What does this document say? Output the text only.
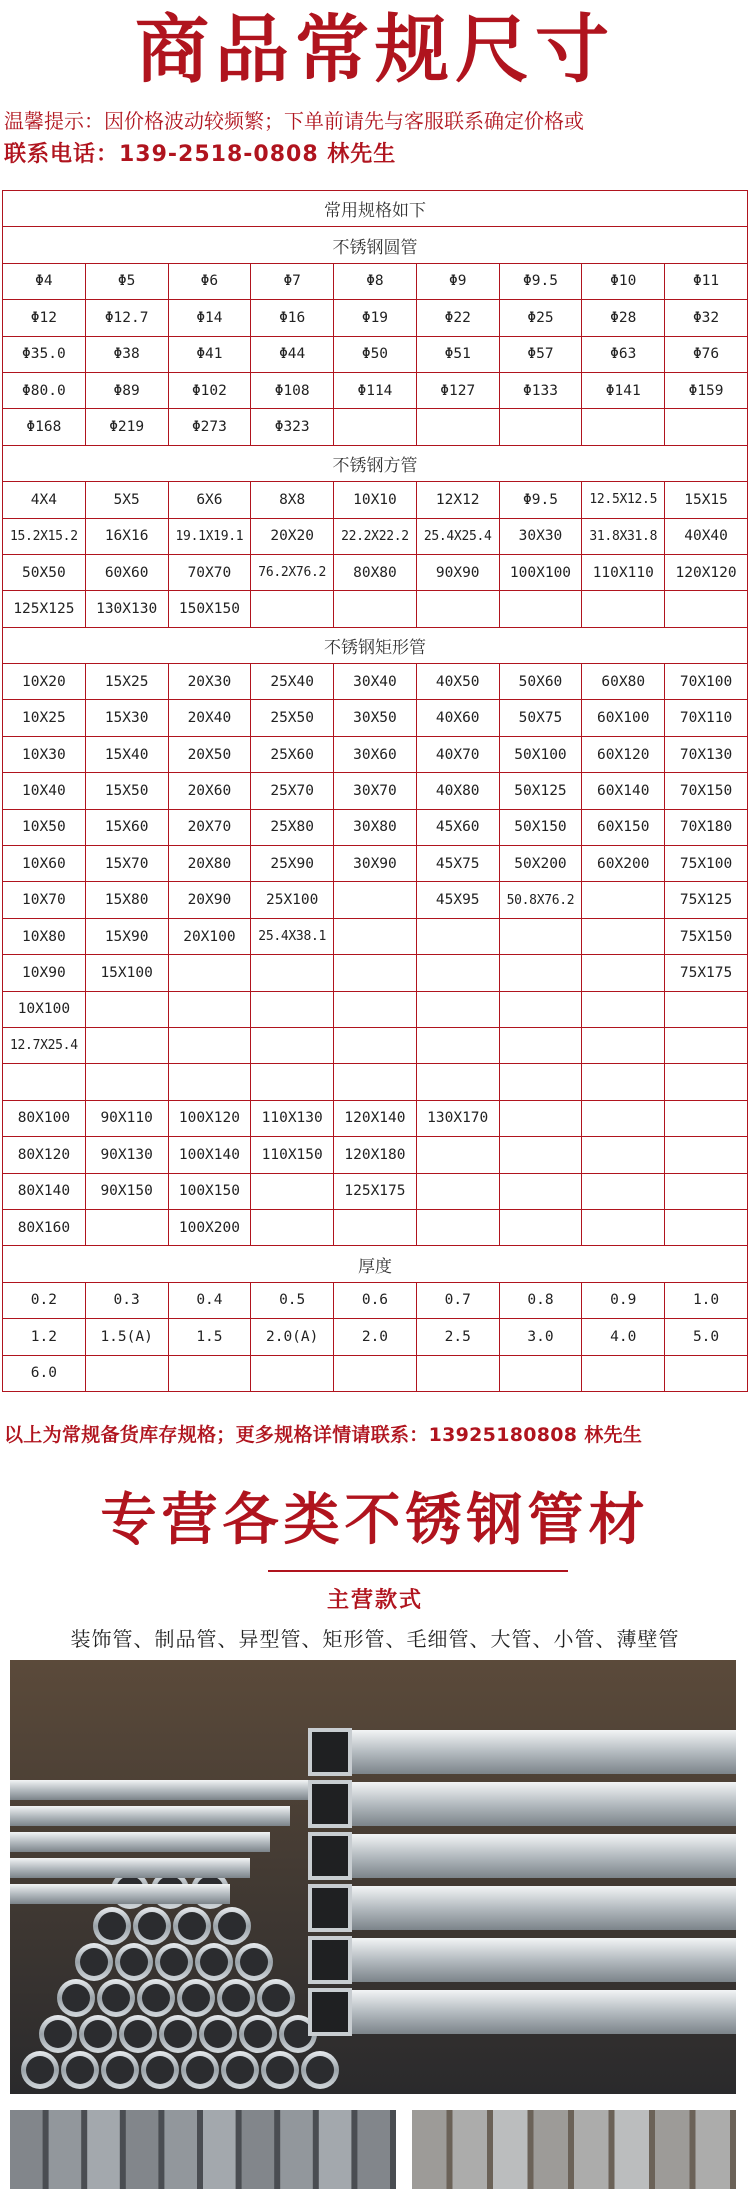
商品常规尺寸
温馨提示：因价格波动较频繁；下单前请先与客服联系确定价格或
联系电话：139-2518-0808 林先生
常用规格如下								
不锈钢圆管								
Φ4	Φ5	Φ6	Φ7	Φ8	Φ9	Φ9.5	Φ10	Φ11
Φ12	Φ12.7	Φ14	Φ16	Φ19	Φ22	Φ25	Φ28	Φ32
Φ35.0	Φ38	Φ41	Φ44	Φ50	Φ51	Φ57	Φ63	Φ76
Φ80.0	Φ89	Φ102	Φ108	Φ114	Φ127	Φ133	Φ141	Φ159
Φ168	Φ219	Φ273	Φ323					
不锈钢方管								
4X4	5X5	6X6	8X8	10X10	12X12	Φ9.5	12.5X12.5	15X15
15.2X15.2	16X16	19.1X19.1	20X20	22.2X22.2	25.4X25.4	30X30	31.8X31.8	40X40
50X50	60X60	70X70	76.2X76.2	80X80	90X90	100X100	110X110	120X120
125X125	130X130	150X150						
不锈钢矩形管								
10X20	15X25	20X30	25X40	30X40	40X50	50X60	60X80	70X100
10X25	15X30	20X40	25X50	30X50	40X60	50X75	60X100	70X110
10X30	15X40	20X50	25X60	30X60	40X70	50X100	60X120	70X130
10X40	15X50	20X60	25X70	30X70	40X80	50X125	60X140	70X150
10X50	15X60	20X70	25X80	30X80	45X60	50X150	60X150	70X180
10X60	15X70	20X80	25X90	30X90	45X75	50X200	60X200	75X100
10X70	15X80	20X90	25X100		45X95	50.8X76.2		75X125
10X80	15X90	20X100	25.4X38.1					75X150
10X90	15X100							75X175
10X100								
12.7X25.4								

80X100	90X110	100X120	110X130	120X140	130X170			
80X120	90X130	100X140	110X150	120X180				
80X140	90X150	100X150		125X175				
80X160		100X200						
厚度								
0.2	0.3	0.4	0.5	0.6	0.7	0.8	0.9	1.0
1.2	1.5(A)	1.5	2.0(A)	2.0	2.5	3.0	4.0	5.0
6.0								
以上为常规备货库存规格；更多规格详情请联系：13925180808 林先生
专营各类不锈钢管材
主营款式
装饰管、制品管、异型管、矩形管、毛细管、大管、小管、薄壁管
